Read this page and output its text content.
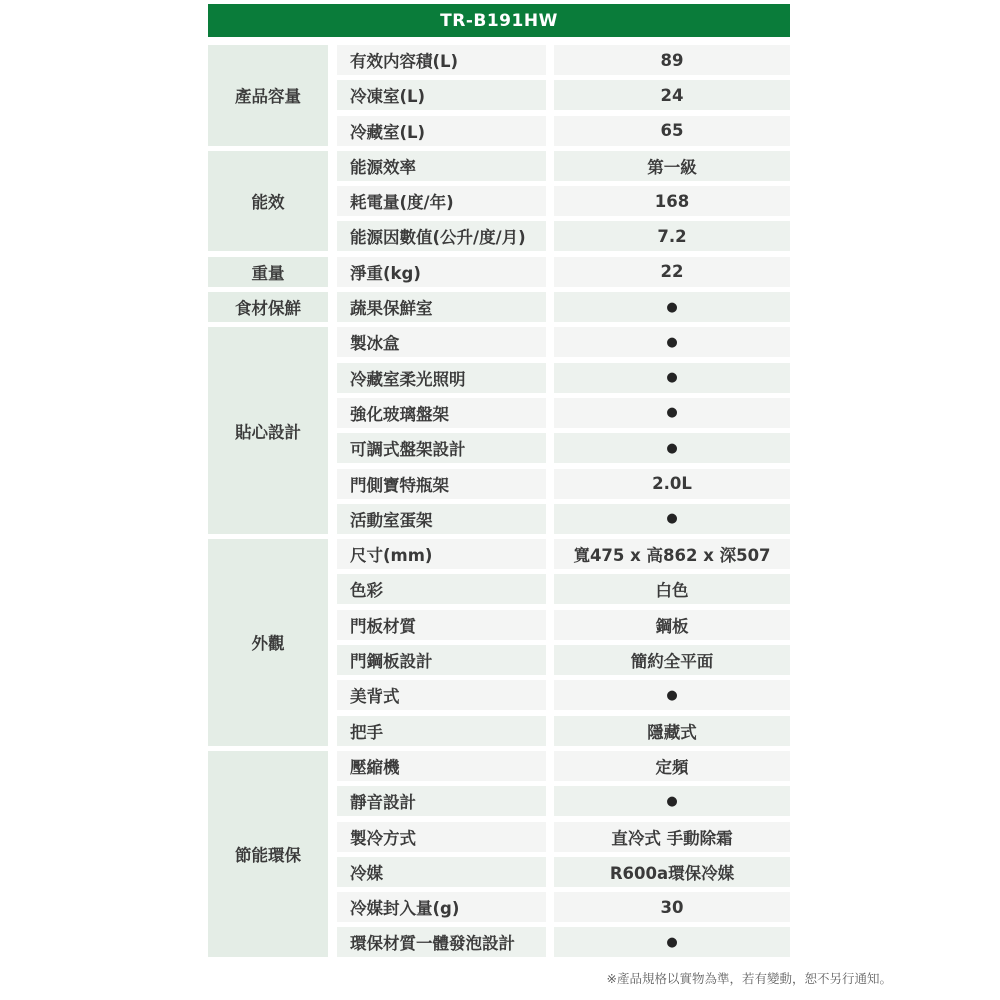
TR-B191HW
產品容量
有效内容積(L)	89
冷凍室(L)	24
冷藏室(L)	65
能效
能源效率	第一級
耗電量(度/年)	168
能源因數值(公升/度/月)	7.2
重量	淨重(kg)	22
食材保鮮	蔬果保鮮室	●
貼心設計
製冰盒	●
冷藏室柔光照明	●
強化玻璃盤架	●
可調式盤架設計	●
門側寶特瓶架	2.0L
活動室蛋架	●
外觀
尺寸(mm)	寬475 x 高862 x 深507
色彩	白色
門板材質	鋼板
門鋼板設計	簡約全平面
美背式	●
把手	隱藏式
節能環保
壓縮機	定頻
靜音設計	●
製冷方式	直冷式 手動除霜
冷媒	R600a環保冷媒
冷媒封入量(g)	30
環保材質一體發泡設計	●
※產品規格以實物為準，若有變動，恕不另行通知。
